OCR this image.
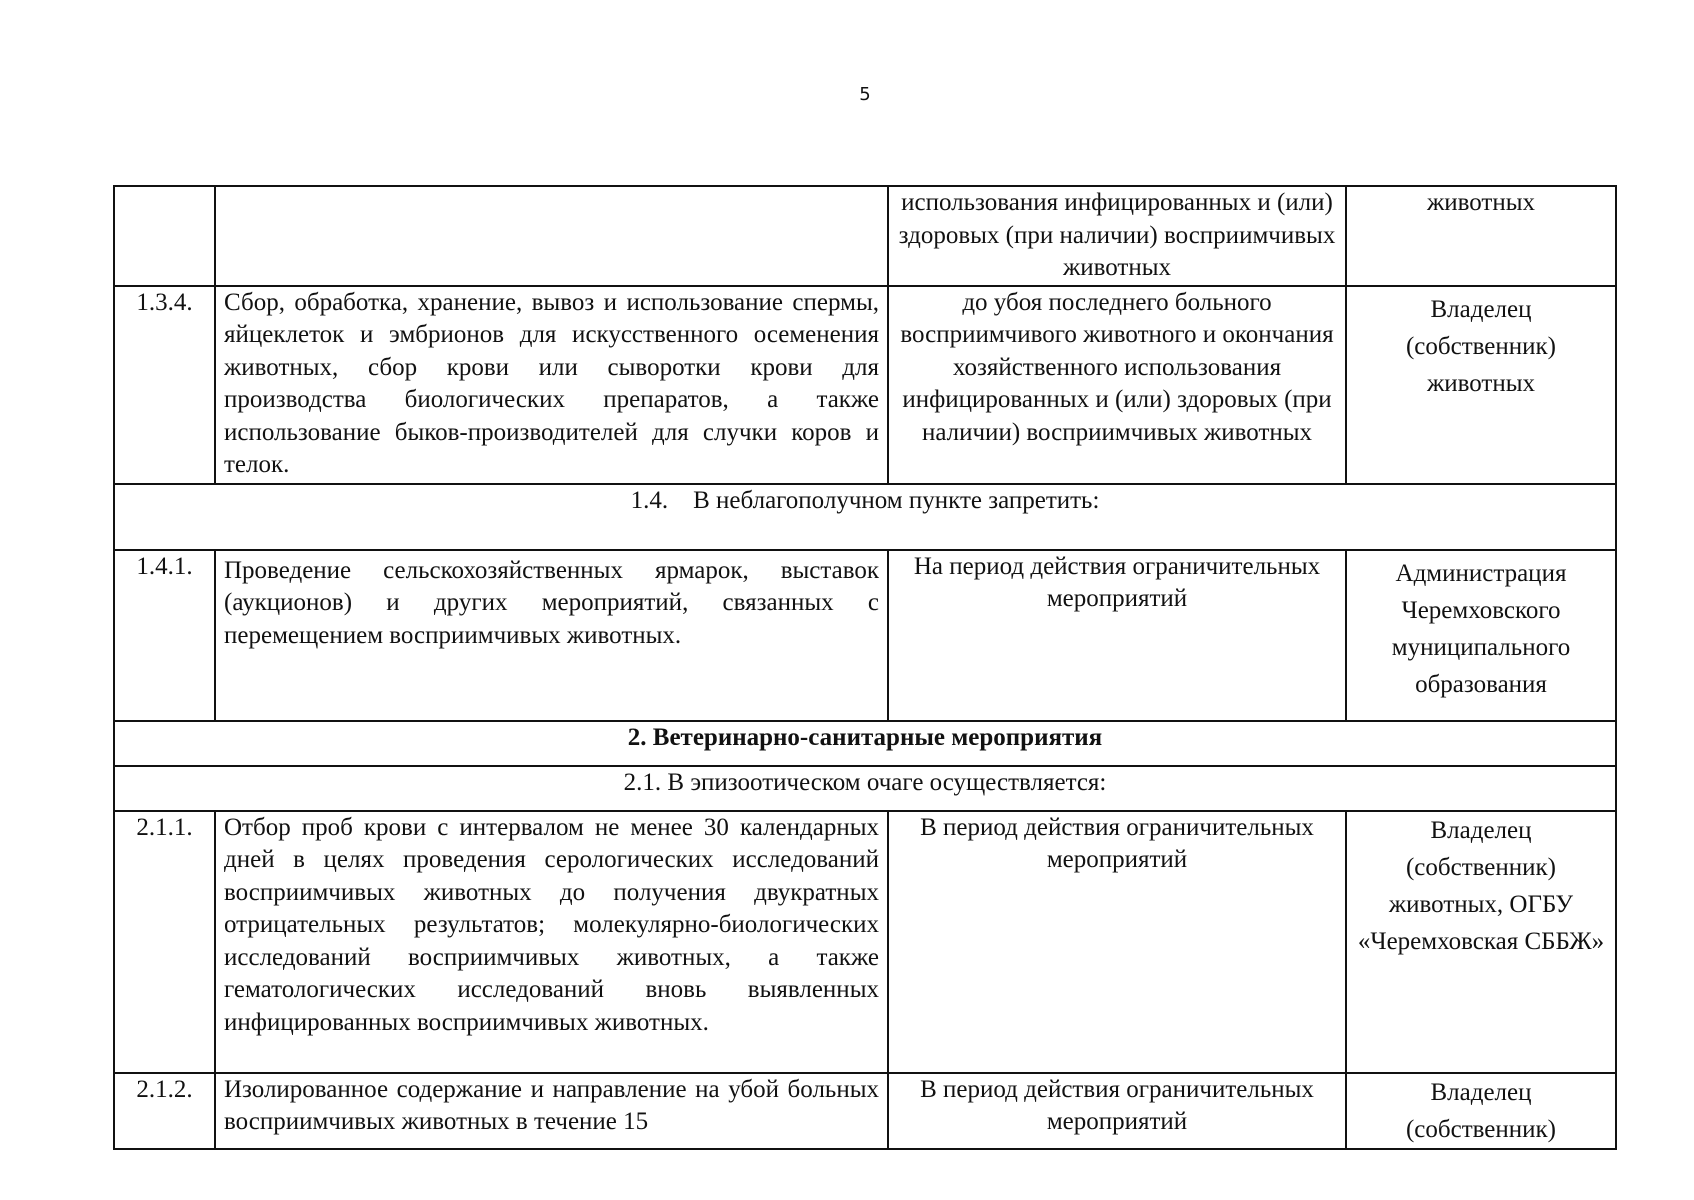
5
		использования инфицированных и (или) здоровых (при наличии) восприимчивых животных	животных
1.3.4.	Сбор, обработка, хранение, вывоз и использование спермы, яйцеклеток и эмбрионов для искусственного осеменения животных, сбор крови или сыворотки крови для производства биологических препаратов, а также использование быков-производителей для случки коров и телок.	до убоя последнего больного восприимчивого животного и окончания хозяйственного использования инфицированных и (или) здоровых (при наличии) восприимчивых животных	Владелец (собственник) животных
1.4.    В неблагополучном пункте запретить:			
1.4.1.	Проведение сельскохозяйственных ярмарок, выставок (аукционов) и других мероприятий, связанных с перемещением восприимчивых животных.	На период действия ограничительных мероприятий	Администрация Черемховского муниципального образования
2. Ветеринарно-санитарные мероприятия			
2.1. В эпизоотическом очаге осуществляется:			
2.1.1.	Отбор проб крови с интервалом не менее 30 календарных дней в целях проведения серологических исследований восприимчивых животных до получения двукратных отрицательных результатов; молекулярно-биологических исследований восприимчивых животных, а также гематологических исследований вновь выявленных инфицированных восприимчивых животных.	В период действия ограничительных мероприятий	Владелец (собственник) животных, ОГБУ «Черемховская СББЖ»
2.1.2.	Изолированное содержание и направление на убой больных восприимчивых животных в течение 15	В период действия ограничительных мероприятий	Владелец (собственник)
